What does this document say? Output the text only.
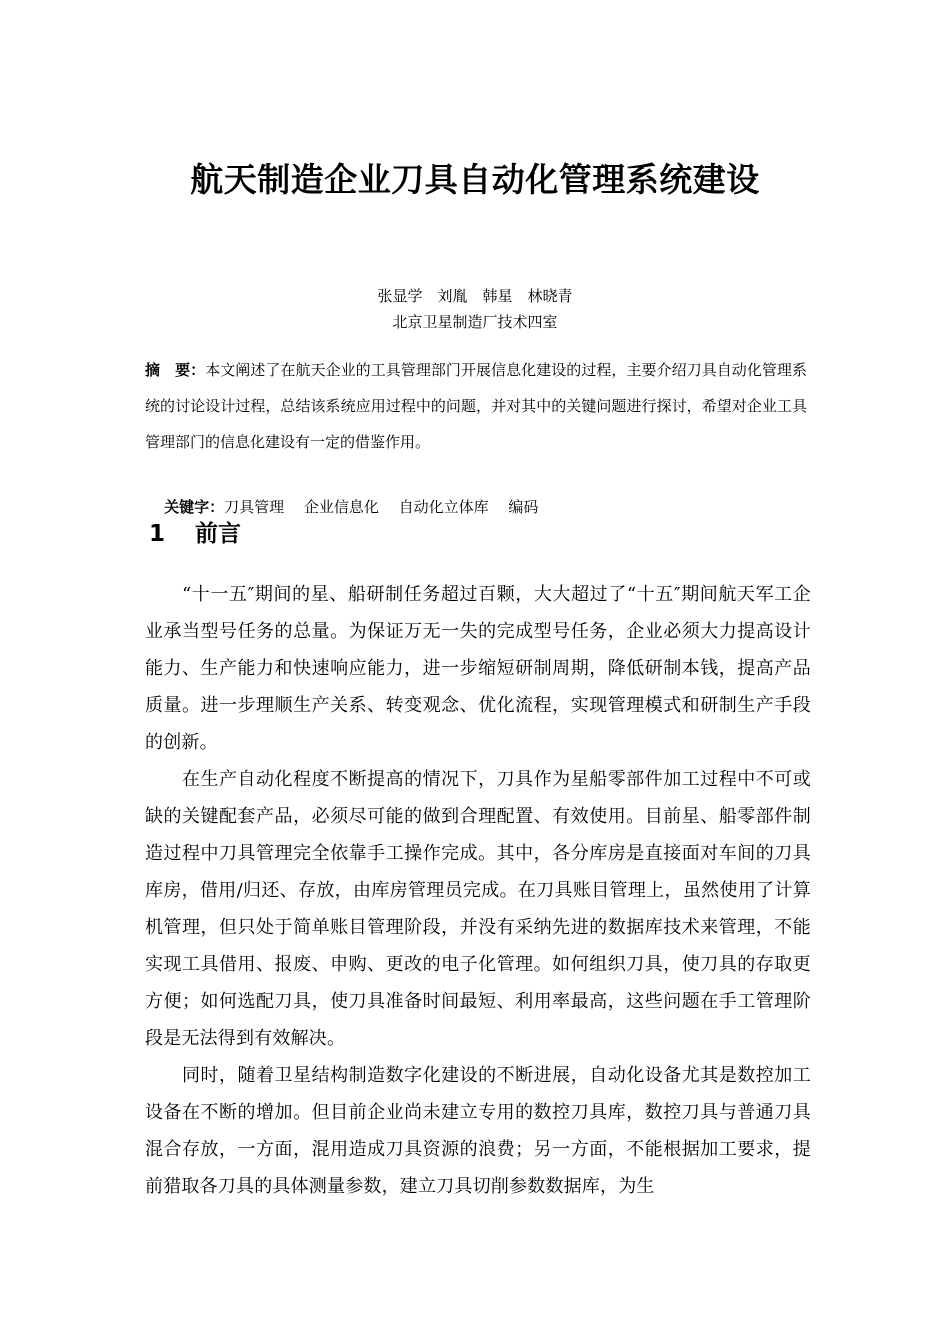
航天制造企业刀具自动化管理系统建设
张显学　刘胤　韩星　林晓青
北京卫星制造厂技术四室
摘　要：本文阐述了在航天企业的工具管理部门开展信息化建设的过程，主要介绍刀具自动化管理系统的讨论设计过程，总结该系统应用过程中的问题，并对其中的关键问题进行探讨，希望对企业工具管理部门的信息化建设有一定的借鉴作用。

关键字：刀具管理　 企业信息化　 自动化立体库　 编码

1 前言

“十一五″期间的星、船研制任务超过百颗，大大超过了“十五″期间航天军工企业承当型号任务的总量。为保证万无一失的完成型号任务，企业必须大力提高设计能力、生产能力和快速响应能力，进一步缩短研制周期，降低研制本钱，提高产品质量。进一步理顺生产关系、转变观念、优化流程，实现管理模式和研制生产手段的创新。

在生产自动化程度不断提高的情况下，刀具作为星船零部件加工过程中不可或缺的关键配套产品，必须尽可能的做到合理配置、有效使用。目前星、船零部件制造过程中刀具管理完全依靠手工操作完成。其中，各分库房是直接面对车间的刀具库房，借用/归还、存放，由库房管理员完成。在刀具账目管理上，虽然使用了计算机管理，但只处于简单账目管理阶段，并没有采纳先进的数据库技术来管理，不能实现工具借用、报废、申购、更改的电子化管理。如何组织刀具，使刀具的存取更方便；如何选配刀具，使刀具准备时间最短、利用率最高，这些问题在手工管理阶段是无法得到有效解决。

同时，随着卫星结构制造数字化建设的不断进展，自动化设备尤其是数控加工设备在不断的增加。但目前企业尚未建立专用的数控刀具库，数控刀具与普通刀具混合存放，一方面，混用造成刀具资源的浪费；另一方面，不能根据加工要求，提前猎取各刀具的具体测量参数，建立刀具切削参数数据库，为生
